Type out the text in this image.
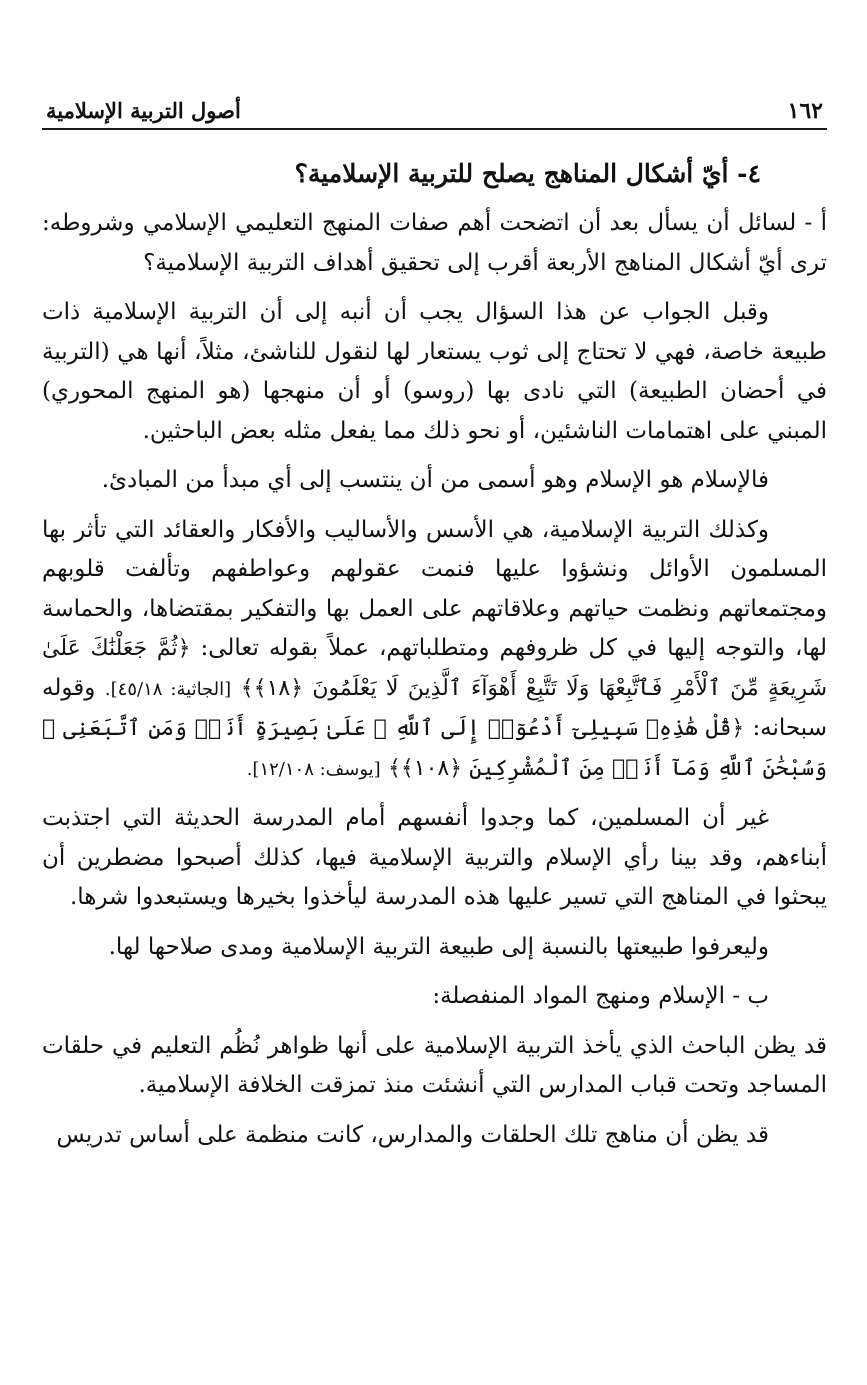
١٦٢
أصول التربية الإسلامية
٤- أيّ أشكال المناهج يصلح للتربية الإسلامية؟

أ - لسائل أن يسأل بعد أن اتضحت أهم صفات المنهج التعليمي الإسلامي وشروطه: ترى أيّ أشكال المناهج الأربعة أقرب إلى تحقيق أهداف التربية الإسلامية؟

وقبل الجواب عن هذا السؤال يجب أن أنبه إلى أن التربية الإسلامية ذات طبيعة خاصة، فهي لا تحتاج إلى ثوب يستعار لها لنقول للناشئ، مثلاً، أنها هي (التربية في أحضان الطبيعة) التي نادى بها (روسو) أو أن منهجها (هو المنهج المحوري) المبني على اهتمامات الناشئين، أو نحو ذلك مما يفعل مثله بعض الباحثين.

فالإسلام هو الإسلام وهو أسمى من أن ينتسب إلى أي مبدأ من المبادئ.

وكذلك التربية الإسلامية، هي الأسس والأساليب والأفكار والعقائد التي تأثر بها المسلمون الأوائل ونشؤوا عليها فنمت عقولهم وعواطفهم وتألفت قلوبهم ومجتمعاتهم ونظمت حياتهم وعلاقاتهم على العمل بها والتفكير بمقتضاها، والحماسة لها، والتوجه إليها في كل ظروفهم ومتطلباتهم، عملاً بقوله تعالى: ﴿ثُمَّ جَعَلْنَٰكَ عَلَىٰ شَرِيعَةٍ مِّنَ ٱلْأَمْرِ فَٱتَّبِعْهَا وَلَا تَتَّبِعْ أَهْوَآءَ ٱلَّذِينَ لَا يَعْلَمُونَ ﴿١٨﴾﴾ [الجاثية: ٤٥/١٨]. وقوله سبحانه: ﴿قُلْ هَٰذِهِۦ سَبِيلِىٓ أَدْعُوٓا۟ إِلَى ٱللَّهِ ۚ عَلَىٰ بَصِيرَةٍ أَنَا۠ وَمَنِ ٱتَّبَعَنِى ۖ وَسُبْحَٰنَ ٱللَّهِ وَمَآ أَنَا۠ مِنَ ٱلْمُشْرِكِينَ ﴿١٠٨﴾﴾ [يوسف: ١٢/١٠٨].

غير أن المسلمين، كما وجدوا أنفسهم أمام المدرسة الحديثة التي اجتذبت أبناءهم، وقد بينا رأي الإسلام والتربية الإسلامية فيها، كذلك أصبحوا مضطرين أن يبحثوا في المناهج التي تسير عليها هذه المدرسة ليأخذوا بخيرها ويستبعدوا شرها.

وليعرفوا طبيعتها بالنسبة إلى طبيعة التربية الإسلامية ومدى صلاحها لها.

ب - الإسلام ومنهج المواد المنفصلة:

قد يظن الباحث الذي يأخذ التربية الإسلامية على أنها ظواهر نُظُم التعليم في حلقات المساجد وتحت قباب المدارس التي أنشئت منذ تمزقت الخلافة الإسلامية.

قد يظن أن مناهج تلك الحلقات والمدارس، كانت منظمة على أساس تدريس
